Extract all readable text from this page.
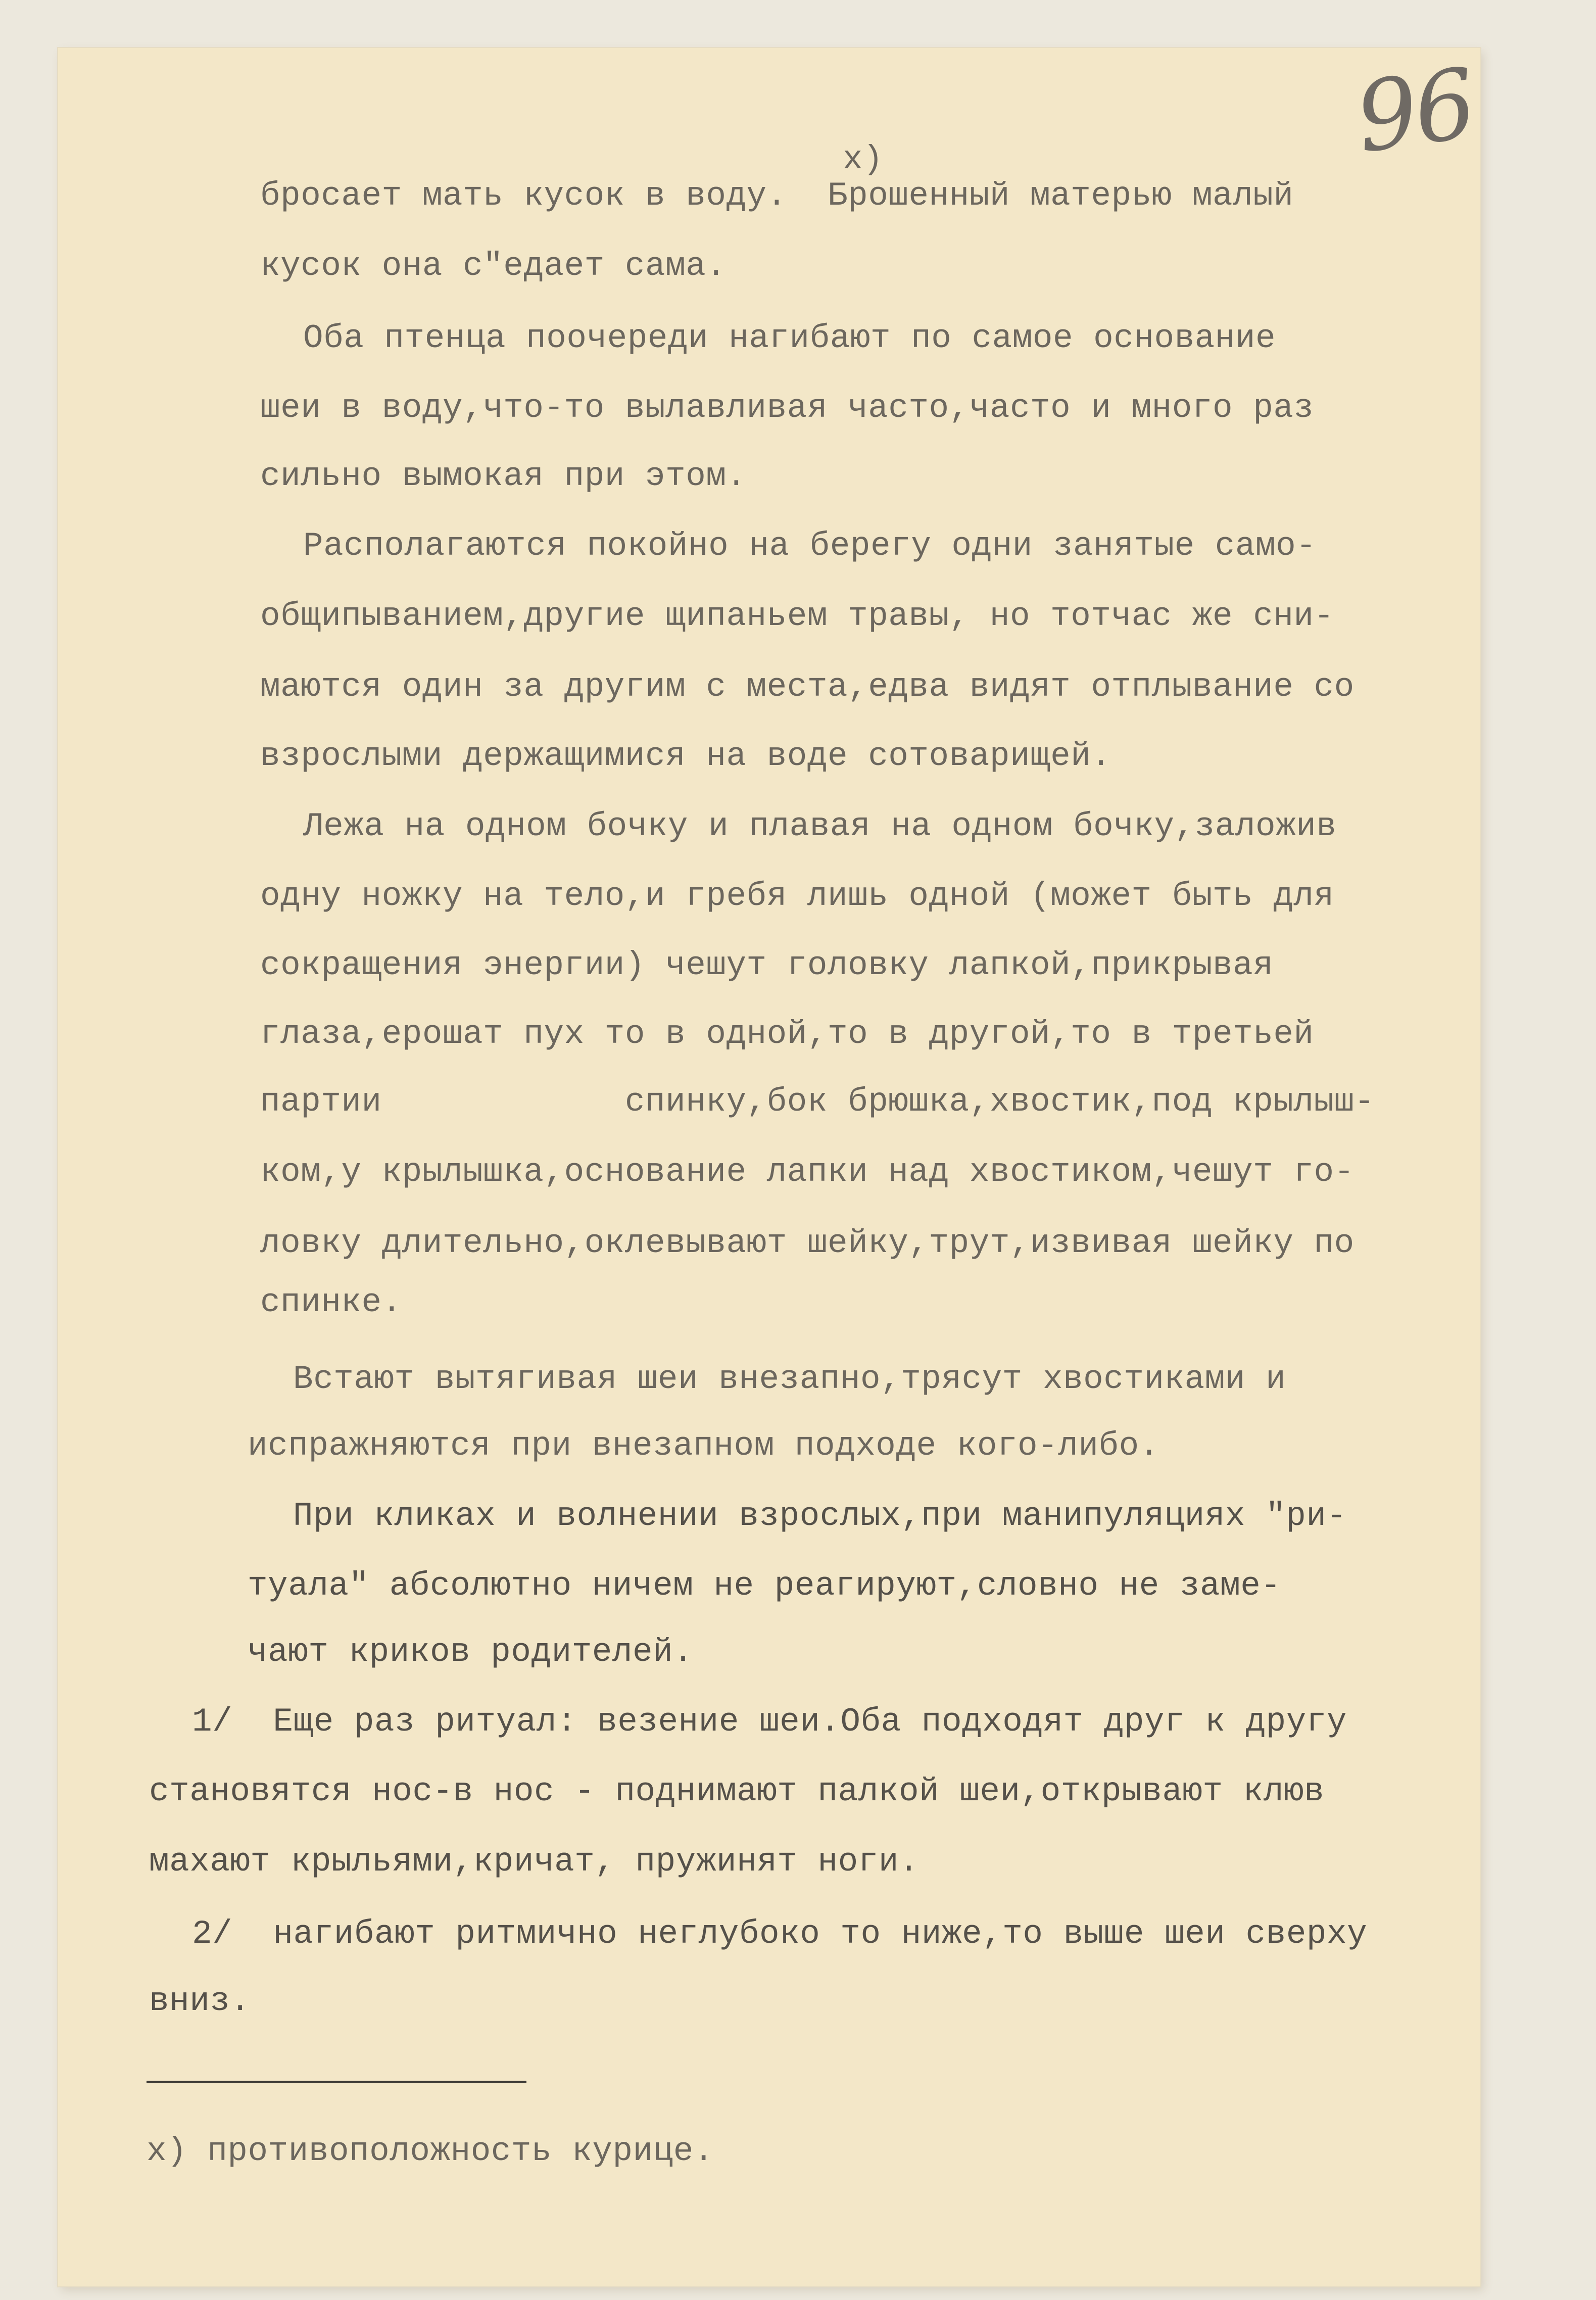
96
x)
бросает мать кусок в воду.  Брошенный матерью малый
кусок она с"едает сама.
Оба птенца поочереди нагибают по самое основание
шеи в воду,что-то вылавливая часто,часто и много раз
сильно вымокая при этом.
Располагаются покойно на берегу одни занятые само-
общипыванием,другие щипаньем травы, но тотчас же сни-
маются один за другим с места,едва видят отплывание со
взрослыми держащимися на воде сотоварищей.
Лежа на одном бочку и плавая на одном бочку,заложив
одну ножку на тело,и гребя лишь одной (может быть для
сокращения энергии) чешут головку лапкой,прикрывая
глаза,ерошат пух то в одной,то в другой,то в третьей
партии            спинку,бок брюшка,хвостик,под крылыш-
ком,у крылышка,основание лапки над хвостиком,чешут го-
ловку длительно,оклевывают шейку,трут,извивая шейку по
спинке.
Встают вытягивая шеи внезапно,трясут хвостиками и
испражняются при внезапном подходе кого-либо.
При кликах и волнении взрослых,при манипуляциях "ри-
туала" абсолютно ничем не реагируют,словно не заме-
чают криков родителей.
1/  Еще раз ритуал: везение шеи.Оба подходят друг к другу
становятся нос-в нос - поднимают палкой шеи,открывают клюв
махают крыльями,кричат, пружинят ноги.
2/  нагибают ритмично неглубоко то ниже,то выше шеи сверху
вниз.
x) противоположность курице.
